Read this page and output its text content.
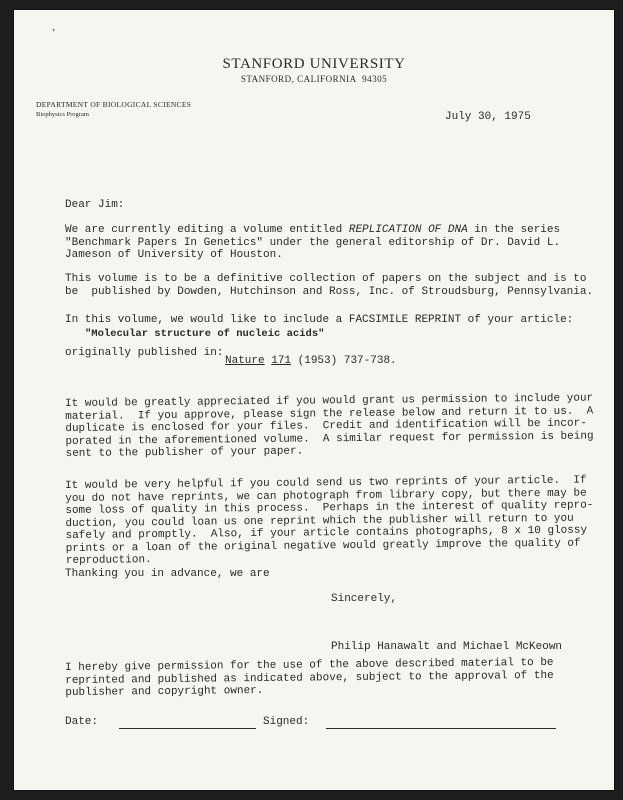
ʼ
STANFORD UNIVERSITY
STANFORD, CALIFORNIA 94305
DEPARTMENT OF BIOLOGICAL SCIENCES
Biophysics Program	July 30, 1975
Dear Jim:

We are currently editing a volume entitled REPLICATION OF DNA in the series

"Benchmark Papers In Genetics" under the general editorship of Dr. David L.

Jameson of University of Houston.

This volume is to be a definitive collection of papers on the subject and is to

be  published by Dowden, Hutchinson and Ross, Inc. of Stroudsburg, Pennsylvania.

In this volume, we would like to include a FACSIMILE REPRINT of your article:
"Molecular structure of nucleic acids"
originally published in:
Nature 171 (1953) 737-738.

It would be greatly appreciated if you would grant us permission to include your

material.  If you approve, please sign the release below and return it to us.  A

duplicate is enclosed for your files.  Credit and identification will be incor-

porated in the aforementioned volume.  A similar request for permission is being

sent to the publisher of your paper.

It would be very helpful if you could send us two reprints of your article.  If

you do not have reprints, we can photograph from library copy, but there may be

some loss of quality in this process.  Perhaps in the interest of quality repro-

duction, you could loan us one reprint which the publisher will return to you

safely and promptly.  Also, if your article contains photographs, 8 x 10 glossy

prints or a loan of the original negative would greatly improve the quality of

reproduction.

Thanking you in advance, we are
Sincerely,
Philip Hanawalt and Michael McKeown

I hereby give permission for the use of the above described material to be

reprinted and published as indicated above, subject to the approval of the

publisher and copyright owner.

Date:	Signed:
